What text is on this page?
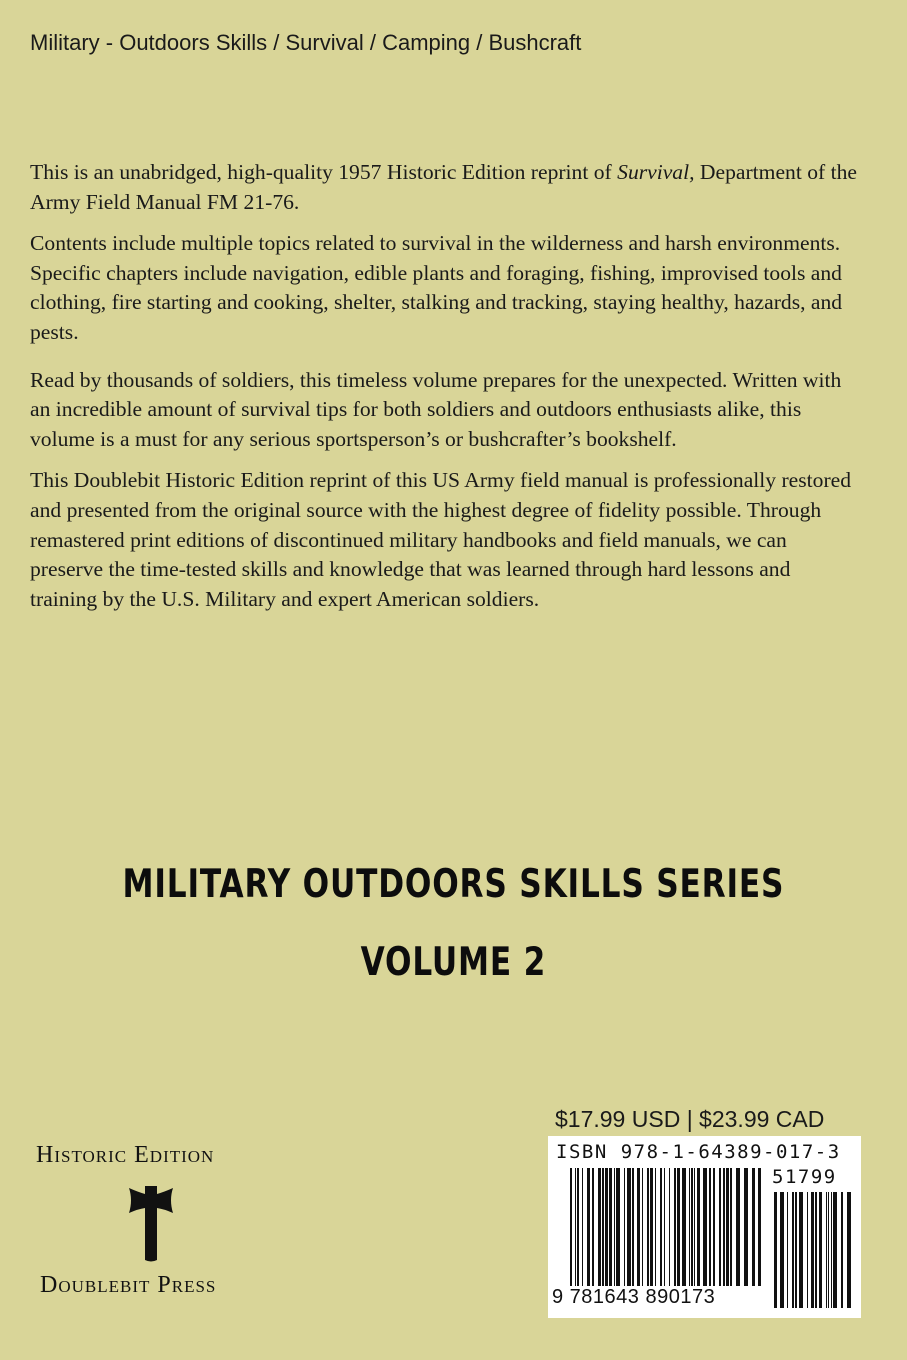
Military - Outdoors Skills / Survival / Camping / Bushcraft

This is an unabridged, high-quality 1957 Historic Edition reprint of Survival, Department of the Army Field Manual FM 21-76.

Contents include multiple topics related to survival in the wilderness and harsh environments. Specific chapters include navigation, edible plants and foraging, fishing, improvised tools and clothing, fire starting and cooking, shelter, stalking and tracking, staying healthy, hazards, and pests.

Read by thousands of soldiers, this timeless volume prepares for the unexpected. Written with an incredible amount of survival tips for both soldiers and outdoors enthusiasts alike, this volume is a must for any serious sportsperson’s or bushcrafter’s bookshelf.

This Doublebit Historic Edition reprint of this US Army field manual is professionally restored and presented from the original source with the highest degree of fidelity possible. Through remastered print editions of discontinued military handbooks and field manuals, we can preserve the time-tested skills and knowledge that was learned through hard lessons and training by the U.S. Military and expert American soldiers.

MILITARY OUTDOORS SKILLS SERIES
VOLUME 2
Historic Edition
Doublebit Press
$17.99 USD | $23.99 CAD
ISBN 978-1-64389-017-3
51799
9 781643 890173
